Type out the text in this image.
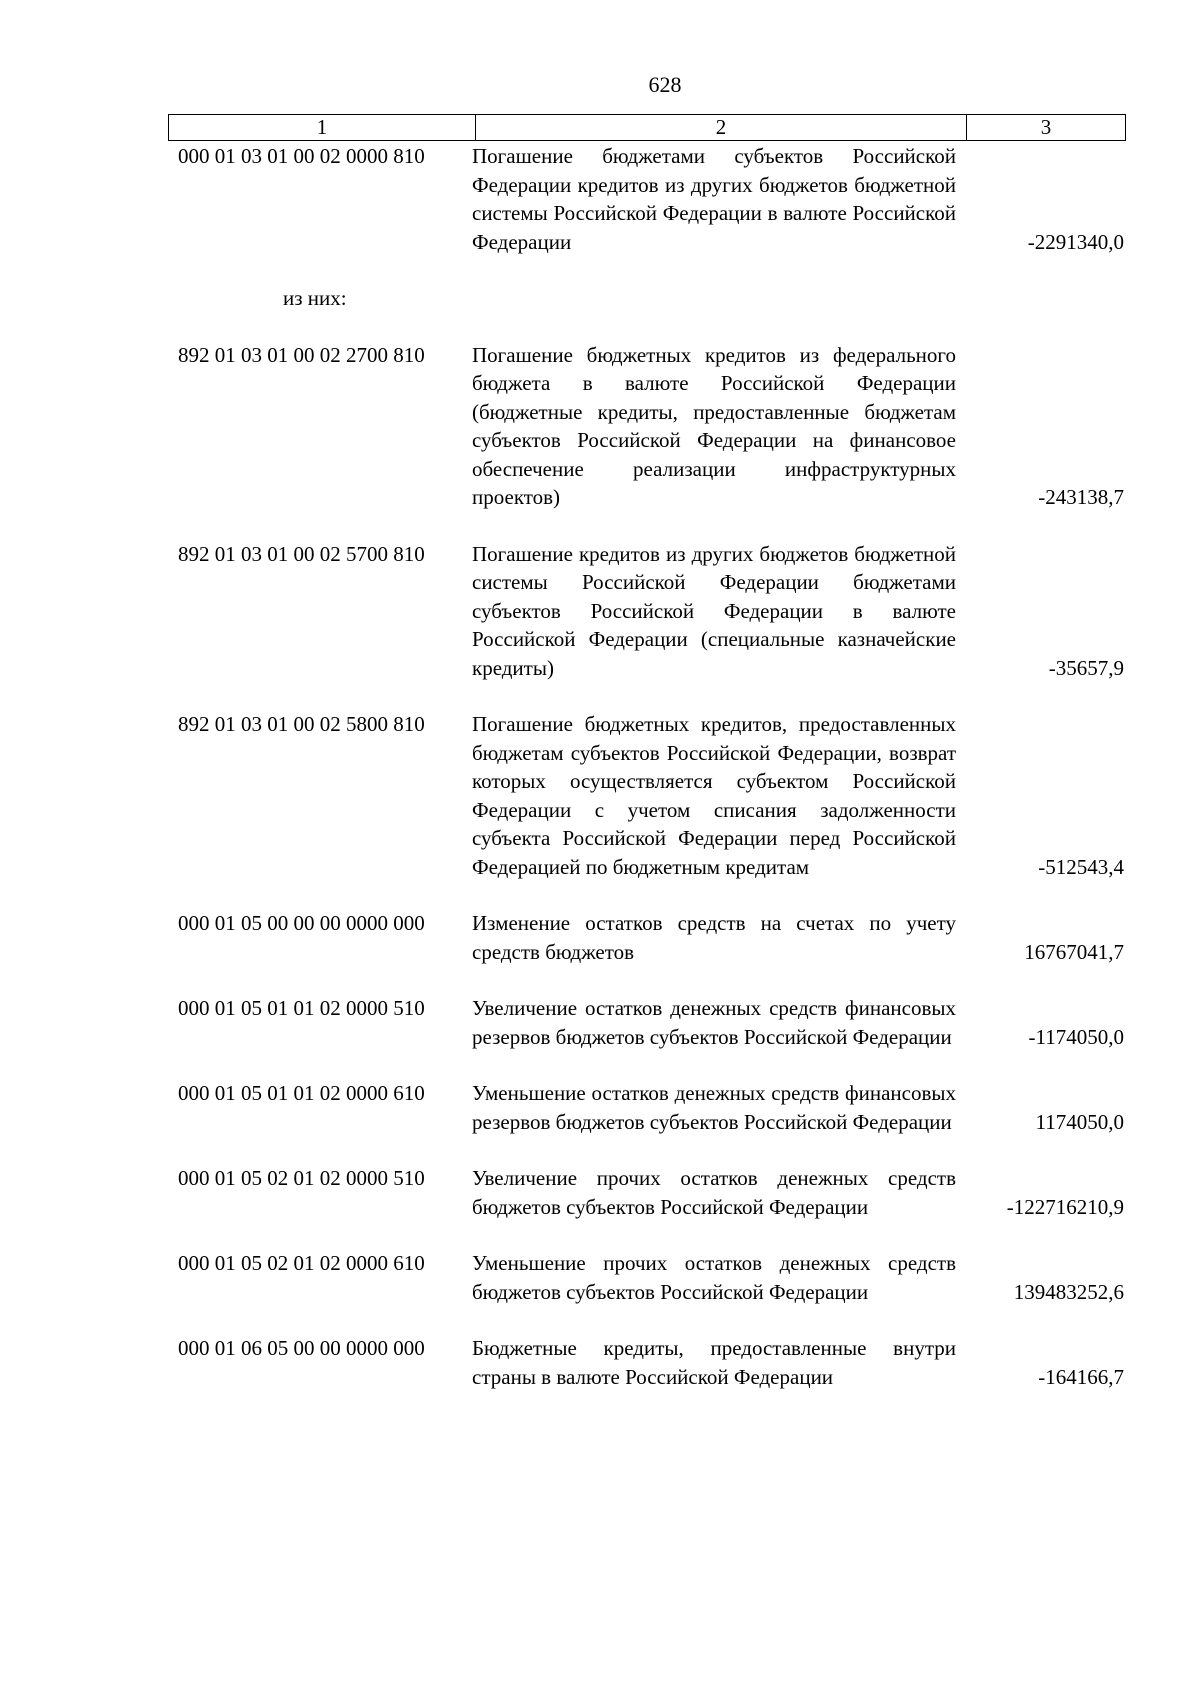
628
1	2	3
000 01 03 01 00 02 0000 810	Погашение бюджетами субъектов Российской Федерации кредитов из других бюджетов бюджетной системы Российской Федерации в валюте Российской Федерации	-2291340,0
из них:
892 01 03 01 00 02 2700 810	Погашение бюджетных кредитов из федерального бюджета в валюте Российской Федерации (бюджетные кредиты, предоставленные бюджетам субъектов Российской Федерации на финансовое обеспечение реализации инфраструктурных проектов)	-243138,7
892 01 03 01 00 02 5700 810	Погашение кредитов из других бюджетов бюджетной системы Российской Федерации бюджетами субъектов Российской Федерации в валюте Российской Федерации (специальные казначейские кредиты)	-35657,9
892 01 03 01 00 02 5800 810	Погашение бюджетных кредитов, предоставленных бюджетам субъектов Российской Федерации, возврат которых осуществляется субъектом Российской Федерации с учетом списания задолженности субъекта Российской Федерации перед Российской Федерацией по бюджетным кредитам	-512543,4
000 01 05 00 00 00 0000 000	Изменение остатков средств на счетах по учету средств бюджетов	16767041,7
000 01 05 01 01 02 0000 510	Увеличение остатков денежных средств финансовых резервов бюджетов субъектов Российской Федерации	-1174050,0
000 01 05 01 01 02 0000 610	Уменьшение остатков денежных средств финансовых резервов бюджетов субъектов Российской Федерации	1174050,0
000 01 05 02 01 02 0000 510	Увеличение прочих остатков денежных средств бюджетов субъектов Российской Федерации	-122716210,9
000 01 05 02 01 02 0000 610	Уменьшение прочих остатков денежных средств бюджетов субъектов Российской Федерации	139483252,6
000 01 06 05 00 00 0000 000	Бюджетные кредиты, предоставленные внутри страны в валюте Российской Федерации	-164166,7
